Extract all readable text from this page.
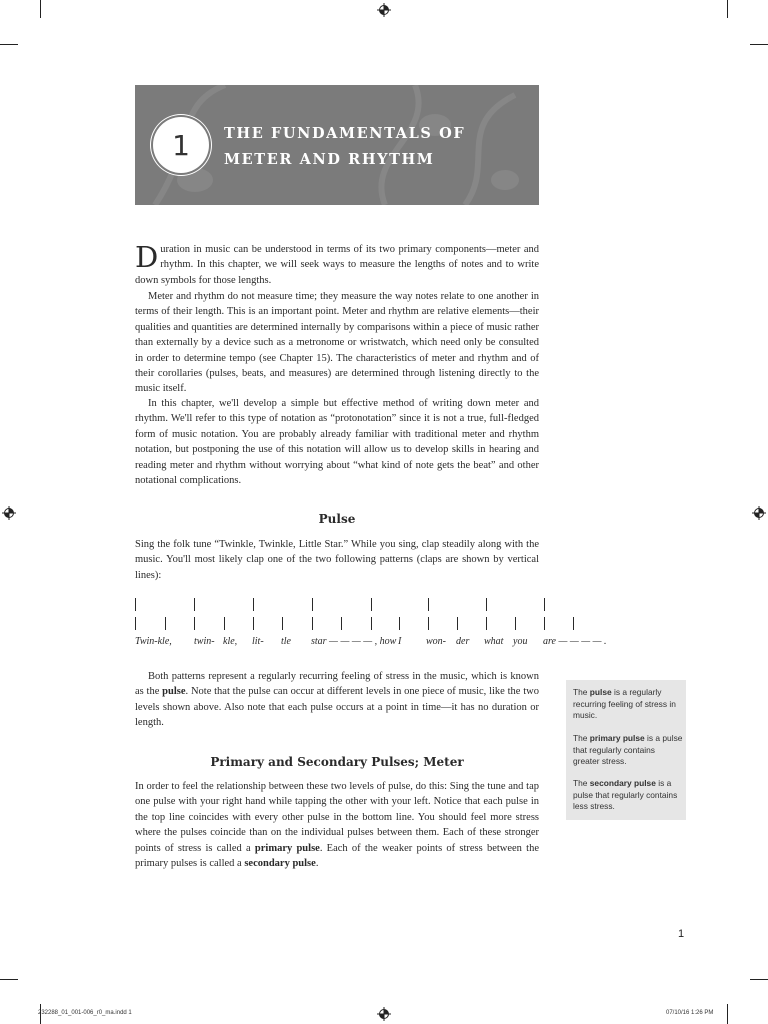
1 THE FUNDAMENTALS OF
METER AND RHYTHM

Duration in music can be understood in terms of its two primary components—meter and rhythm. In this chapter, we will seek ways to measure the lengths of notes and to write down symbols for those lengths.

Meter and rhythm do not measure time; they measure the way notes relate to one another in terms of their length. This is an important point. Meter and rhythm are relative elements—their qualities and quantities are determined internally by comparisons within a piece of music rather than externally by a device such as a metronome or wristwatch, which need only be consulted in order to determine tempo (see Chapter 15). The characteristics of meter and rhythm and of their corollaries (pulses, beats, and measures) are determined through listening directly to the music itself.

In this chapter, we'll develop a simple but effective method of writing down meter and rhythm. We'll refer to this type of notation as “protonotation” since it is not a true, full-fledged form of music notation. You are probably already familiar with traditional meter and rhythm notation, but postponing the use of this notation will allow us to develop skills in hearing and reading meter and rhythm without worrying about “what kind of note gets the beat” and other notational complications.

Pulse

Sing the folk tune “Twinkle, Twinkle, Little Star.” While you sing, clap steadily along with the music. You'll most likely clap one of the two following patterns (claps are shown by vertical lines):

Twin-kle, twin- kle, lit- tle star — — — — , how I won- der what you are — — — — .

Both patterns represent a regularly recurring feeling of stress in the music, which is known as the pulse. Note that the pulse can occur at different levels in one piece of music, like the two levels shown above. Also note that each pulse occurs at a point in time—it has no duration or length.

Primary and Secondary Pulses; Meter

In order to feel the relationship between these two levels of pulse, do this: Sing the tune and tap one pulse with your right hand while tapping the other with your left. Notice that each pulse in the top line coincides with every other pulse in the bottom line. You should feel more stress where the pulses coincide than on the individual pulses between them. Each of these stronger points of stress is called a primary pulse. Each of the weaker points of stress between the primary pulses is called a secondary pulse.

The pulse is a regularly recurring feeling of stress in music.

The primary pulse is a pulse that regularly contains greater stress.

The secondary pulse is a pulse that regularly contains less stress.

1
232288_01_001-006_r0_ma.indd 1	07/10/16 1:26 PM
